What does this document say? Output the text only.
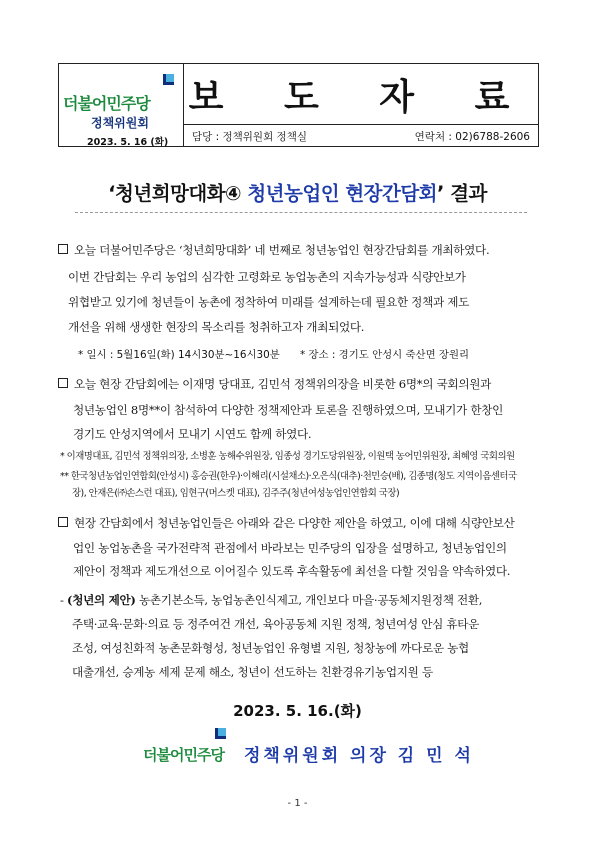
더불어민주당
정책위원회
2023. 5. 16 (화)
보 도 자 료
담당 : 정책위원회 정책실	연락처 : 02)6788-2606
‘청년희망대화④ 청년농업인 현장간담회’ 결과
오늘 더불어민주당은 ‘청년희망대화’ 네 번째로 청년농업인 현장간담회를 개최하였다.
이번 간담회는 우리 농업의 심각한 고령화로 농업농촌의 지속가능성과 식량안보가
위협받고 있기에 청년들이 농촌에 정착하여 미래를 설계하는데 필요한 정책과 제도
개선을 위해 생생한 현장의 목소리를 청취하고자 개최되었다.
* 일시 : 5월16일(화) 14시30분~16시30분 * 장소 : 경기도 안성시 죽산면 장원리
오늘 현장 간담회에는 이재명 당대표, 김민석 정책위의장을 비롯한 6명*의 국회의원과
청년농업인 8명**이 참석하여 다양한 정책제안과 토론을 진행하였으며, 모내기가 한창인
경기도 안성지역에서 모내기 시연도 함께 하였다.
* 이재명대표, 김민석 정책위의장, 소병훈 농해수위원장, 임종성 경기도당위원장, 이원택 농어민위원장, 최혜영 국회의원
** 한국청년농업인연합회(안성시) 홍승권(한우)·이해리(시설채소)·오은식(대추)·천민승(배), 김종명(청도 지역이음센터국
장), 안재은(㈜손스런 대표), 임현구(머스켓 대표), 김주주(청년여성농업인연합회 국장)
현장 간담회에서 청년농업인들은 아래와 같은 다양한 제안을 하였고, 이에 대해 식량안보산
업인 농업농촌을 국가전략적 관점에서 바라보는 민주당의 입장을 설명하고, 청년농업인의
제안이 정책과 제도개선으로 이어질수 있도록 후속활동에 최선을 다할 것임을 약속하였다.
- (청년의 제안) 농촌기본소득, 농업농촌인식제고, 개인보다 마을·공동체지원정책 전환,
주택·교육·문화·의료 등 정주여건 개선, 육아공동체 지원 정책, 청년여성 안심 휴타운
조성, 여성친화적 농촌문화형성, 청년농업인 유형별 지원, 청창농에 까다로운 농협
대출개선, 승계농 세제 문제 해소, 청년이 선도하는 친환경유기농업지원 등
2023. 5. 16.(화)
더불어민주당 정책위원회 의장 김 민 석
- 1 -
